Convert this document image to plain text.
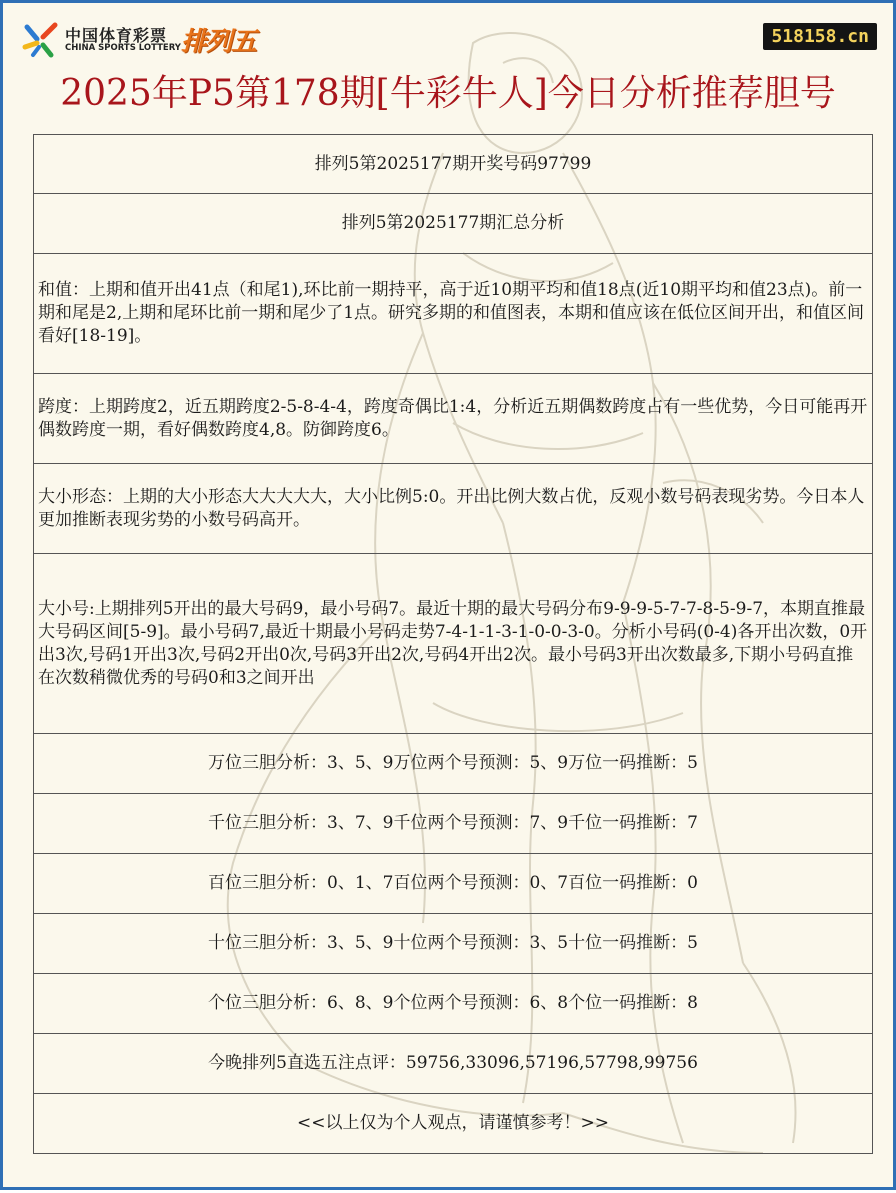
中国体育彩票
CHINA SPORTS LOTTERY 排列五	518158.cn
2025年P5第178期[牛彩牛人]今日分析推荐胆号
排列5第2025177期开奖号码97799
排列5第2025177期汇总分析
和值：上期和值开出41点（和尾1),环比前一期持平，高于近10期平均和值18点(近10期平均和值23点)。前一期和尾是2,上期和尾环比前一期和尾少了1点。研究多期的和值图表，本期和值应该在低位区间开出，和值区间看好[18-19]。
跨度：上期跨度2，近五期跨度2-5-8-4-4，跨度奇偶比1:4，分析近五期偶数跨度占有一些优势，今日可能再开偶数跨度一期，看好偶数跨度4,8。防御跨度6。
大小形态：上期的大小形态大大大大大，大小比例5:0。开出比例大数占优，反观小数号码表现劣势。今日本人更加推断表现劣势的小数号码高开。
大小号:上期排列5开出的最大号码9，最小号码7。最近十期的最大号码分布9-9-9-5-7-7-8-5-9-7，本期直推最大号码区间[5-9]。最小号码7,最近十期最小号码走势7-4-1-1-3-1-0-0-3-0。分析小号码(0-4)各开出次数，0开出3次,号码1开出3次,号码2开出0次,号码3开出2次,号码4开出2次。最小号码3开出次数最多,下期小号码直推在次数稍微优秀的号码0和3之间开出
万位三胆分析：3、5、9万位两个号预测：5、9万位一码推断：5
千位三胆分析：3、7、9千位两个号预测：7、9千位一码推断：7
百位三胆分析：0、1、7百位两个号预测：0、7百位一码推断：0
十位三胆分析：3、5、9十位两个号预测：3、5十位一码推断：5
个位三胆分析：6、8、9个位两个号预测：6、8个位一码推断：8
今晚排列5直选五注点评：59756,33096,57196,57798,99756
<<以上仅为个人观点，请谨慎参考！>>
